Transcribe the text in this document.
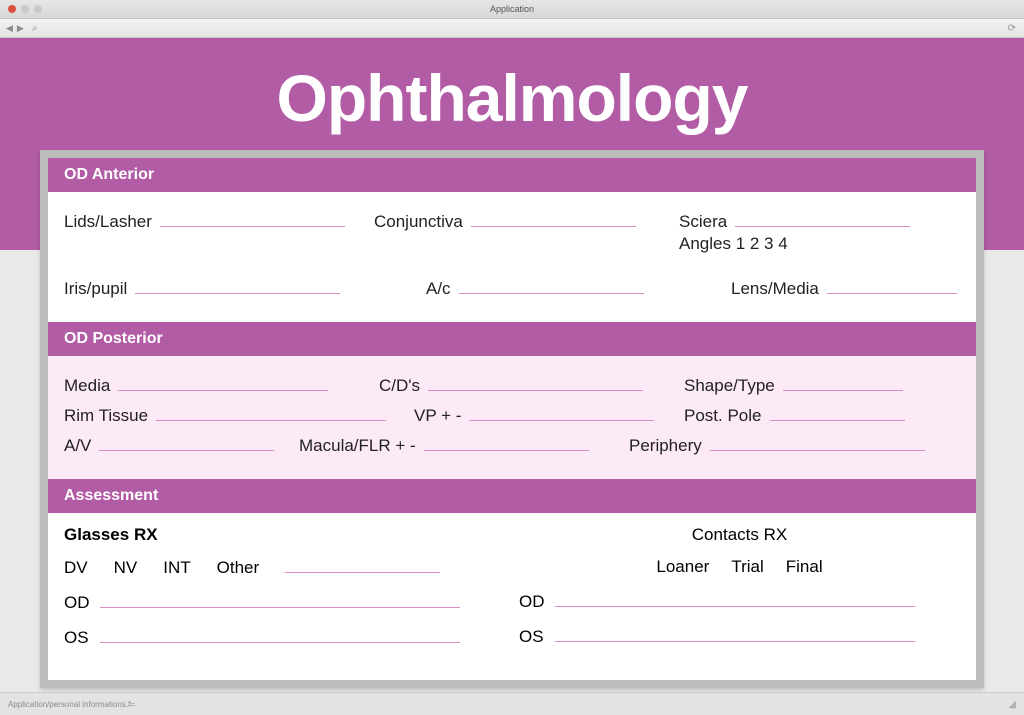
Application
◀ ▶ ⌕	⟳
Ophthalmology
OD Anterior
Lids/Lasher	Conjunctiva	Sciera
Angles 1 2 3 4
Iris/pupil	A/c	Lens/Media
OD Posterior
Media	C/D's	Shape/Type
Rim Tissue	VP + -	Post. Pole
A/V	Macula/FLR + -	Periphery
Assessment
Glasses RX
DV NV INT Other
OD
OS
Contacts RX
Loaner Trial Final
OD
OS
Application/personal informations.f=	◢
